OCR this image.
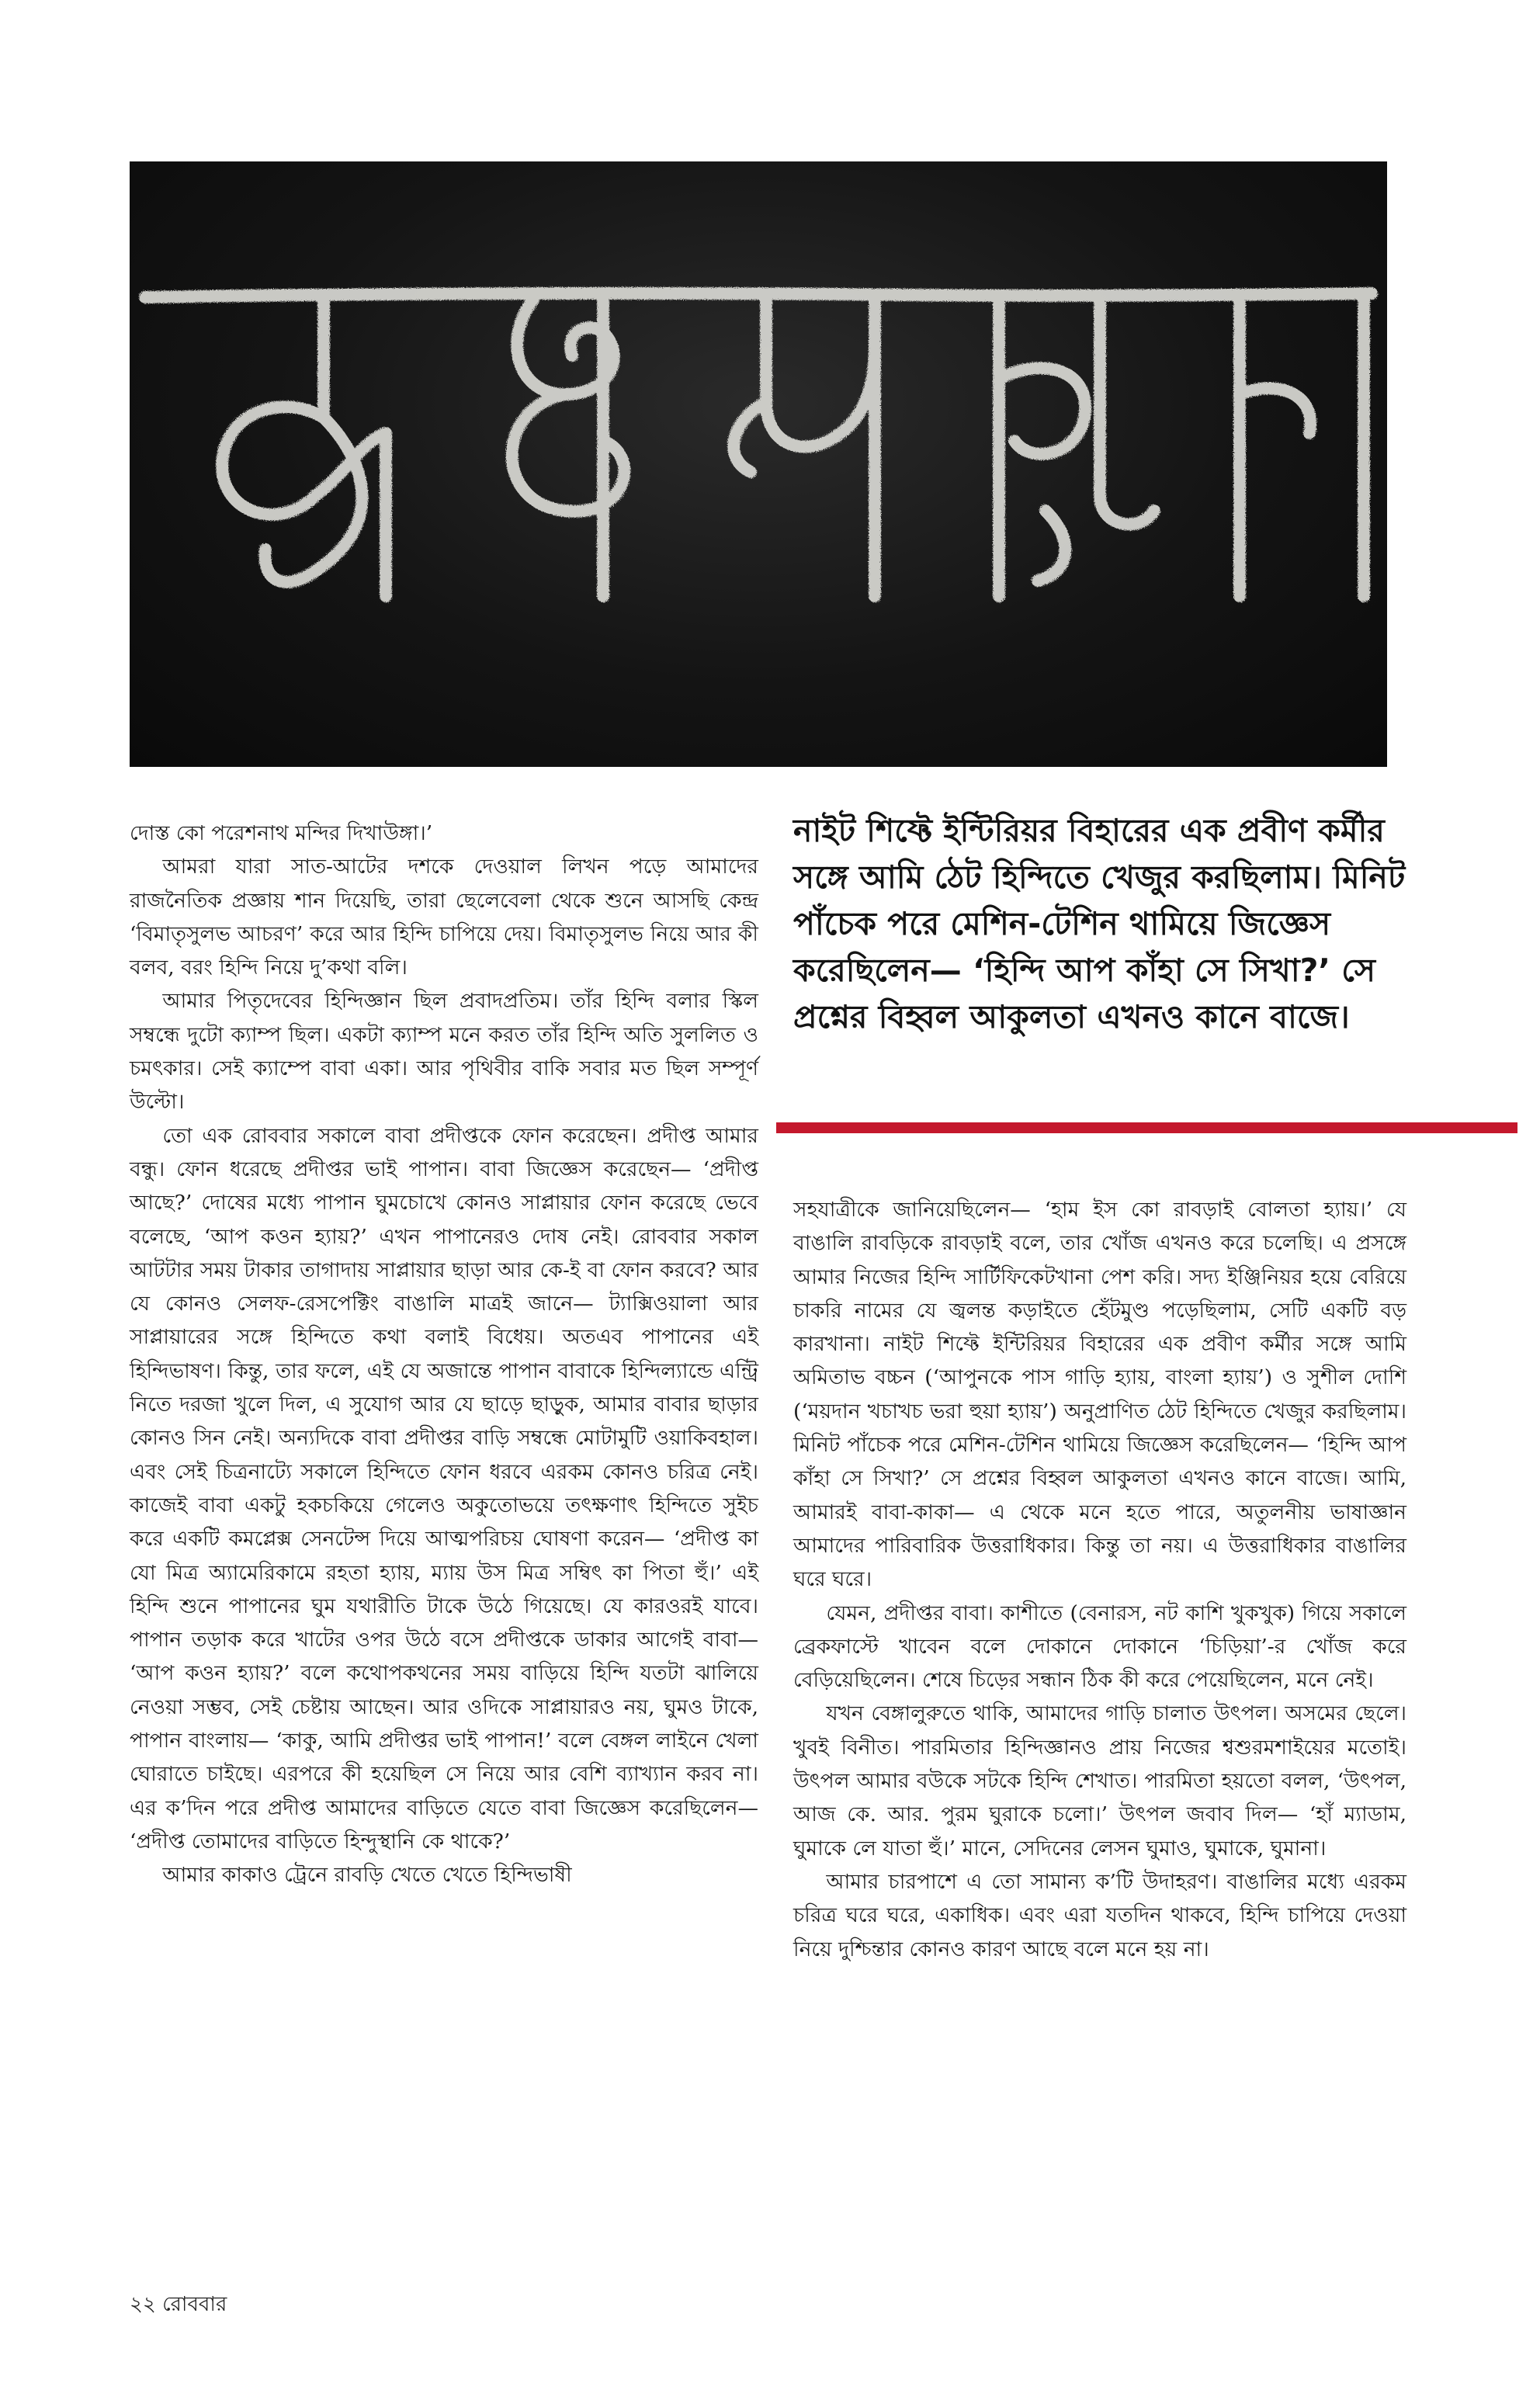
দোস্ত কো পরেশনাথ মন্দির দিখাউঙ্গা।’

আমরা যারা সাত-আটের দশকে দেওয়াল লিখন পড়ে আমাদের রাজনৈতিক প্রজ্ঞায় শান দিয়েছি, তারা ছেলেবেলা থেকে শুনে আসছি কেন্দ্র ‘বিমাতৃসুলভ আচরণ’ করে আর হিন্দি চাপিয়ে দেয়। বিমাতৃসুলভ নিয়ে আর কী বলব, বরং হিন্দি নিয়ে দু’কথা বলি।

আমার পিতৃদেবের হিন্দিজ্ঞান ছিল প্রবাদপ্রতিম। তাঁর হিন্দি বলার স্কিল সম্বন্ধে দুটো ক্যাম্প ছিল। একটা ক্যাম্প মনে করত তাঁর হিন্দি অতি সুললিত ও চমৎকার। সেই ক্যাম্পে বাবা একা। আর পৃথিবীর বাকি সবার মত ছিল সম্পূর্ণ উল্টো।

তো এক রোববার সকালে বাবা প্রদীপ্তকে ফোন করেছেন। প্রদীপ্ত আমার বন্ধু। ফোন ধরেছে প্রদীপ্তর ভাই পাপান। বাবা জিজ্ঞেস করেছেন— ‘প্রদীপ্ত আছে?’ দোষের মধ্যে পাপান ঘুমচোখে কোনও সাপ্লায়ার ফোন করেছে ভেবে বলেছে, ‘আপ কওন হ্যায়?’ এখন পাপানেরও দোষ নেই। রোববার সকাল আটটার সময় টাকার তাগাদায় সাপ্লায়ার ছাড়া আর কে-ই বা ফোন করবে? আর যে কোনও সেলফ-রেসপেক্টিং বাঙালি মাত্রই জানে— ট্যাক্সিওয়ালা আর সাপ্লায়ারের সঙ্গে হিন্দিতে কথা বলাই বিধেয়। অতএব পাপানের এই হিন্দিভাষণ। কিন্তু, তার ফলে, এই যে অজান্তে পাপান বাবাকে হিন্দিল্যান্ডে এন্ট্রি নিতে দরজা খুলে দিল, এ সুযোগ আর যে ছাড়ে ছাড়ুক, আমার বাবার ছাড়ার কোনও সিন নেই। অন্যদিকে বাবা প্রদীপ্তর বাড়ি সম্বন্ধে মোটামুটি ওয়াকিবহাল। এবং সেই চিত্রনাট্যে সকালে হিন্দিতে ফোন ধরবে এরকম কোনও চরিত্র নেই। কাজেই বাবা একটু হকচকিয়ে গেলেও অকুতোভয়ে তৎক্ষণাৎ হিন্দিতে সুইচ করে একটি কমপ্লেক্স সেনটেন্স দিয়ে আত্মপরিচয় ঘোষণা করেন— ‘প্রদীপ্ত কা যো মিত্র অ্যামেরিকামে রহতা হ্যায়, ম্যায় উস মিত্র সম্বিৎ কা পিতা হুঁ।’ এই হিন্দি শুনে পাপানের ঘুম যথারীতি টাকে উঠে গিয়েছে। যে কারওরই যাবে। পাপান তড়াক করে খাটের ওপর উঠে বসে প্রদীপ্তকে ডাকার আগেই বাবা— ‘আপ কওন হ্যায়?’ বলে কথোপকথনের সময় বাড়িয়ে হিন্দি যতটা ঝালিয়ে নেওয়া সম্ভব, সেই চেষ্টায় আছেন। আর ওদিকে সাপ্লায়ারও নয়, ঘুমও টাকে, পাপান বাংলায়— ‘কাকু, আমি প্রদীপ্তর ভাই পাপান!’ বলে বেঙ্গল লাইনে খেলা ঘোরাতে চাইছে। এরপরে কী হয়েছিল সে নিয়ে আর বেশি ব্যাখ্যান করব না। এর ক’দিন পরে প্রদীপ্ত আমাদের বাড়িতে যেতে বাবা জিজ্ঞেস করেছিলেন— ‘প্রদীপ্ত তোমাদের বাড়িতে হিন্দুস্থানি কে থাকে?’

আমার কাকাও ট্রেনে রাবড়ি খেতে খেতে হিন্দিভাষী

নাইট শিফ্টে ইন্টিরিয়র বিহারের এক প্রবীণ কর্মীর সঙ্গে আমি ঠেট হিন্দিতে খেজুর করছিলাম। মিনিট পাঁচেক পরে মেশিন-টেশিন থামিয়ে জিজ্ঞেস করেছিলেন— ‘হিন্দি আপ কাঁহা সে সিখা?’ সে প্রশ্নের বিহ্বল আকুলতা এখনও কানে বাজে।

সহযাত্রীকে জানিয়েছিলেন— ‘হাম ইস কো রাবড়াই বোলতা হ্যায়।’ যে বাঙালি রাবড়িকে রাবড়াই বলে, তার খোঁজ এখনও করে চলেছি। এ প্রসঙ্গে আমার নিজের হিন্দি সার্টিফিকেটখানা পেশ করি। সদ্য ইঞ্জিনিয়র হয়ে বেরিয়ে চাকরি নামের যে জ্বলন্ত কড়াইতে হেঁটমুণ্ড পড়েছিলাম, সেটি একটি বড় কারখানা। নাইট শিফ্টে ইন্টিরিয়র বিহারের এক প্রবীণ কর্মীর সঙ্গে আমি অমিতাভ বচ্চন (‘আপুনকে পাস গাড়ি হ্যায়, বাংলা হ্যায়’) ও সুশীল দোশি (‘ময়দান খচাখচ ভরা হুয়া হ্যায়’) অনুপ্রাণিত ঠেট হিন্দিতে খেজুর করছিলাম। মিনিট পাঁচেক পরে মেশিন-টেশিন থামিয়ে জিজ্ঞেস করেছিলেন— ‘হিন্দি আপ কাঁহা সে সিখা?’ সে প্রশ্নের বিহ্বল আকুলতা এখনও কানে বাজে। আমি, আমারই বাবা-কাকা— এ থেকে মনে হতে পারে, অতুলনীয় ভাষাজ্ঞান আমাদের পারিবারিক উত্তরাধিকার। কিন্তু তা নয়। এ উত্তরাধিকার বাঙালির ঘরে ঘরে।

যেমন, প্রদীপ্তর বাবা। কাশীতে (বেনারস, নট কাশি খুকখুক) গিয়ে সকালে ব্রেকফাস্টে খাবেন বলে দোকানে দোকানে ‘চিড়িয়া’-র খোঁজ করে বেড়িয়েছিলেন। শেষে চিড়ের সন্ধান ঠিক কী করে পেয়েছিলেন, মনে নেই।

যখন বেঙ্গালুরুতে থাকি, আমাদের গাড়ি চালাত উৎপল। অসমের ছেলে। খুবই বিনীত। পারমিতার হিন্দিজ্ঞানও প্রায় নিজের শ্বশুরমশাইয়ের মতোই। উৎপল আমার বউকে সটকে হিন্দি শেখাত। পারমিতা হয়তো বলল, ‘উৎপল, আজ কে. আর. পুরম ঘুরাকে চলো।’ উৎপল জবাব দিল— ‘হাঁ ম্যাডাম, ঘুমাকে লে যাতা হুঁ।’ মানে, সেদিনের লেসন ঘুমাও, ঘুমাকে, ঘুমানা।

আমার চারপাশে এ তো সামান্য ক’টি উদাহরণ। বাঙালির মধ্যে এরকম চরিত্র ঘরে ঘরে, একাধিক। এবং এরা যতদিন থাকবে, হিন্দি চাপিয়ে দেওয়া নিয়ে দুশ্চিন্তার কোনও কারণ আছে বলে মনে হয় না।

২২ রোববার
